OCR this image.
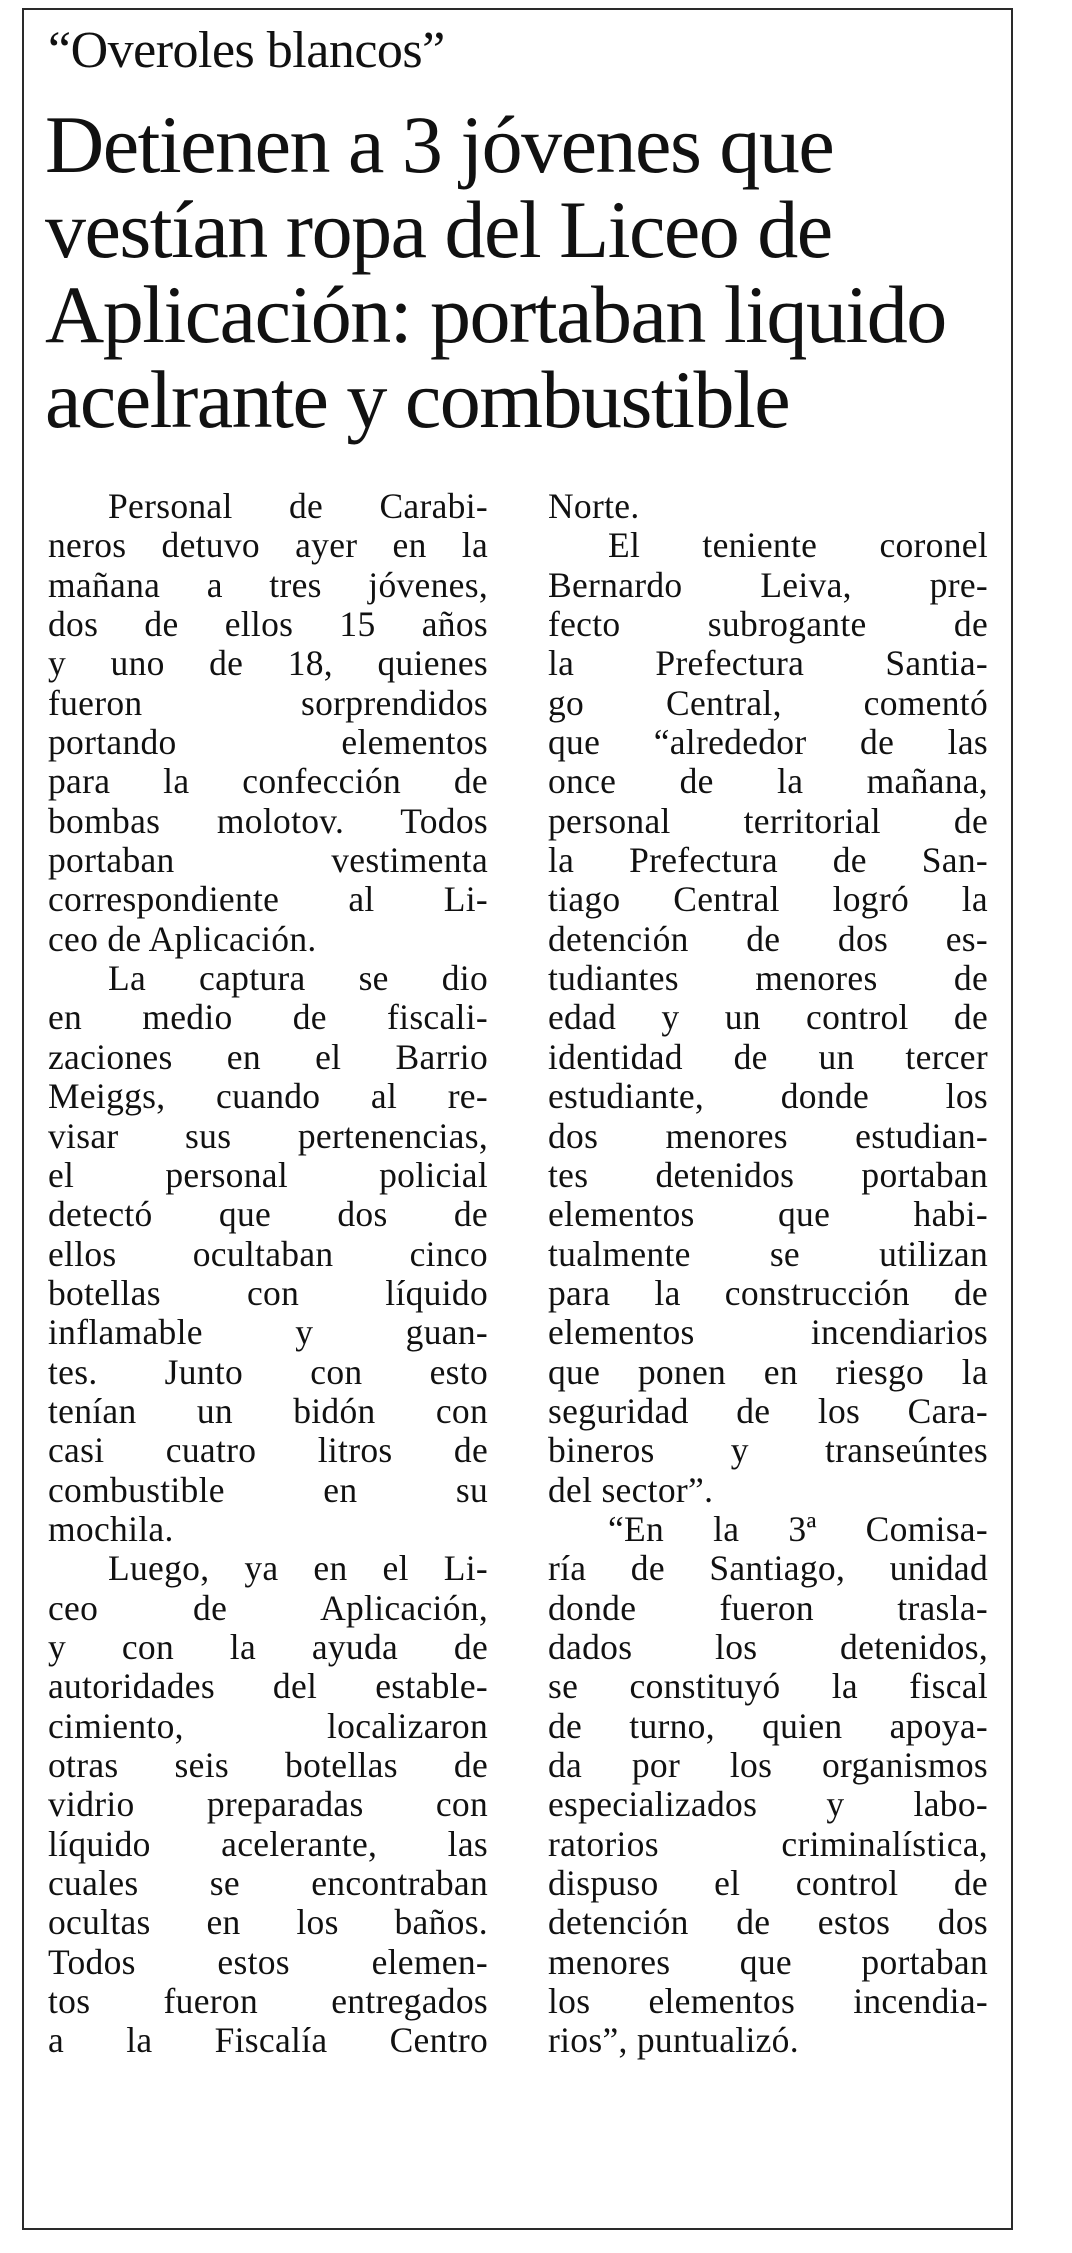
“Overoles blancos”
Detienen a 3 jóvenes que
vestían ropa del Liceo de
Aplicación: portaban liquido
acelrante y combustible
Personal de Carabi-
neros detuvo ayer en la
mañana a tres jóvenes,
dos de ellos 15 años
y uno de 18, quienes
fueron sorprendidos
portando elementos
para la confección de
bombas molotov. Todos
portaban vestimenta
correspondiente al Li-
ceo de Aplicación.
La captura se dio
en medio de fiscali-
zaciones en el Barrio
Meiggs, cuando al re-
visar sus pertenencias,
el personal policial
detectó que dos de
ellos ocultaban cinco
botellas con líquido
inflamable y guan-
tes. Junto con esto
tenían un bidón con
casi cuatro litros de
combustible en su
mochila.
Luego, ya en el Li-
ceo de Aplicación,
y con la ayuda de
autoridades del estable-
cimiento, localizaron
otras seis botellas de
vidrio preparadas con
líquido acelerante, las
cuales se encontraban
ocultas en los baños.
Todos estos elemen-
tos fueron entregados
a la Fiscalía Centro
Norte.
El teniente coronel
Bernardo Leiva, pre-
fecto subrogante de
la Prefectura Santia-
go Central, comentó
que “alrededor de las
once de la mañana,
personal territorial de
la Prefectura de San-
tiago Central logró la
detención de dos es-
tudiantes menores de
edad y un control de
identidad de un tercer
estudiante, donde los
dos menores estudian-
tes detenidos portaban
elementos que habi-
tualmente se utilizan
para la construcción de
elementos incendiarios
que ponen en riesgo la
seguridad de los Cara-
bineros y transeúntes
del sector”.
“En la 3ª Comisa-
ría de Santiago, unidad
donde fueron trasla-
dados los detenidos,
se constituyó la fiscal
de turno, quien apoya-
da por los organismos
especializados y labo-
ratorios criminalística,
dispuso el control de
detención de estos dos
menores que portaban
los elementos incendia-
rios”, puntualizó.
